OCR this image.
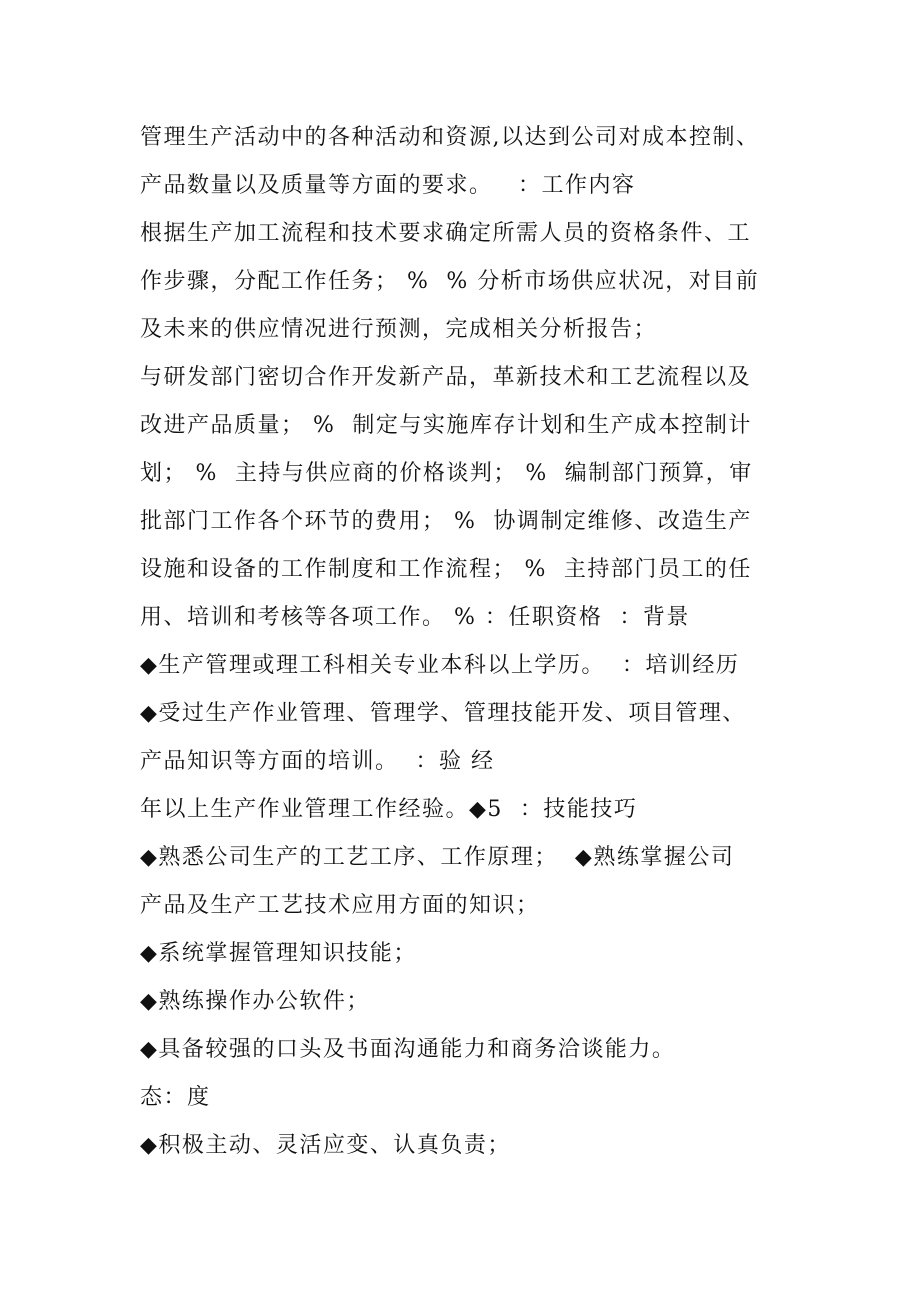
管理生产活动中的各种活动和资源,以达到公司对成本控制、
产品数量以及质量等方面的要求。   ：工作内容
根据生产加工流程和技术要求确定所需人员的资格条件、工
作步骤，分配工作任务； %  % 分析市场供应状况，对目前
及未来的供应情况进行预测，完成相关分析报告；
与研发部门密切合作开发新产品，革新技术和工艺流程以及
改进产品质量； %  制定与实施库存计划和生产成本控制计
划； %  主持与供应商的价格谈判； %  编制部门预算，审
批部门工作各个环节的费用； %  协调制定维修、改造生产
设施和设备的工作制度和工作流程； %  主持部门员工的任
用、培训和考核等各项工作。 % ：任职资格  ：背景
◆生产管理或理工科相关专业本科以上学历。  ：培训经历
◆受过生产作业管理、管理学、管理技能开发、项目管理、
产品知识等方面的培训。  ：验 经
年以上生产作业管理工作经验。◆5  ：技能技巧
◆熟悉公司生产的工艺工序、工作原理；  ◆熟练掌握公司
产品及生产工艺技术应用方面的知识；
◆系统掌握管理知识技能；
◆熟练操作办公软件；
◆具备较强的口头及书面沟通能力和商务洽谈能力。
态：度
◆积极主动、灵活应变、认真负责；
